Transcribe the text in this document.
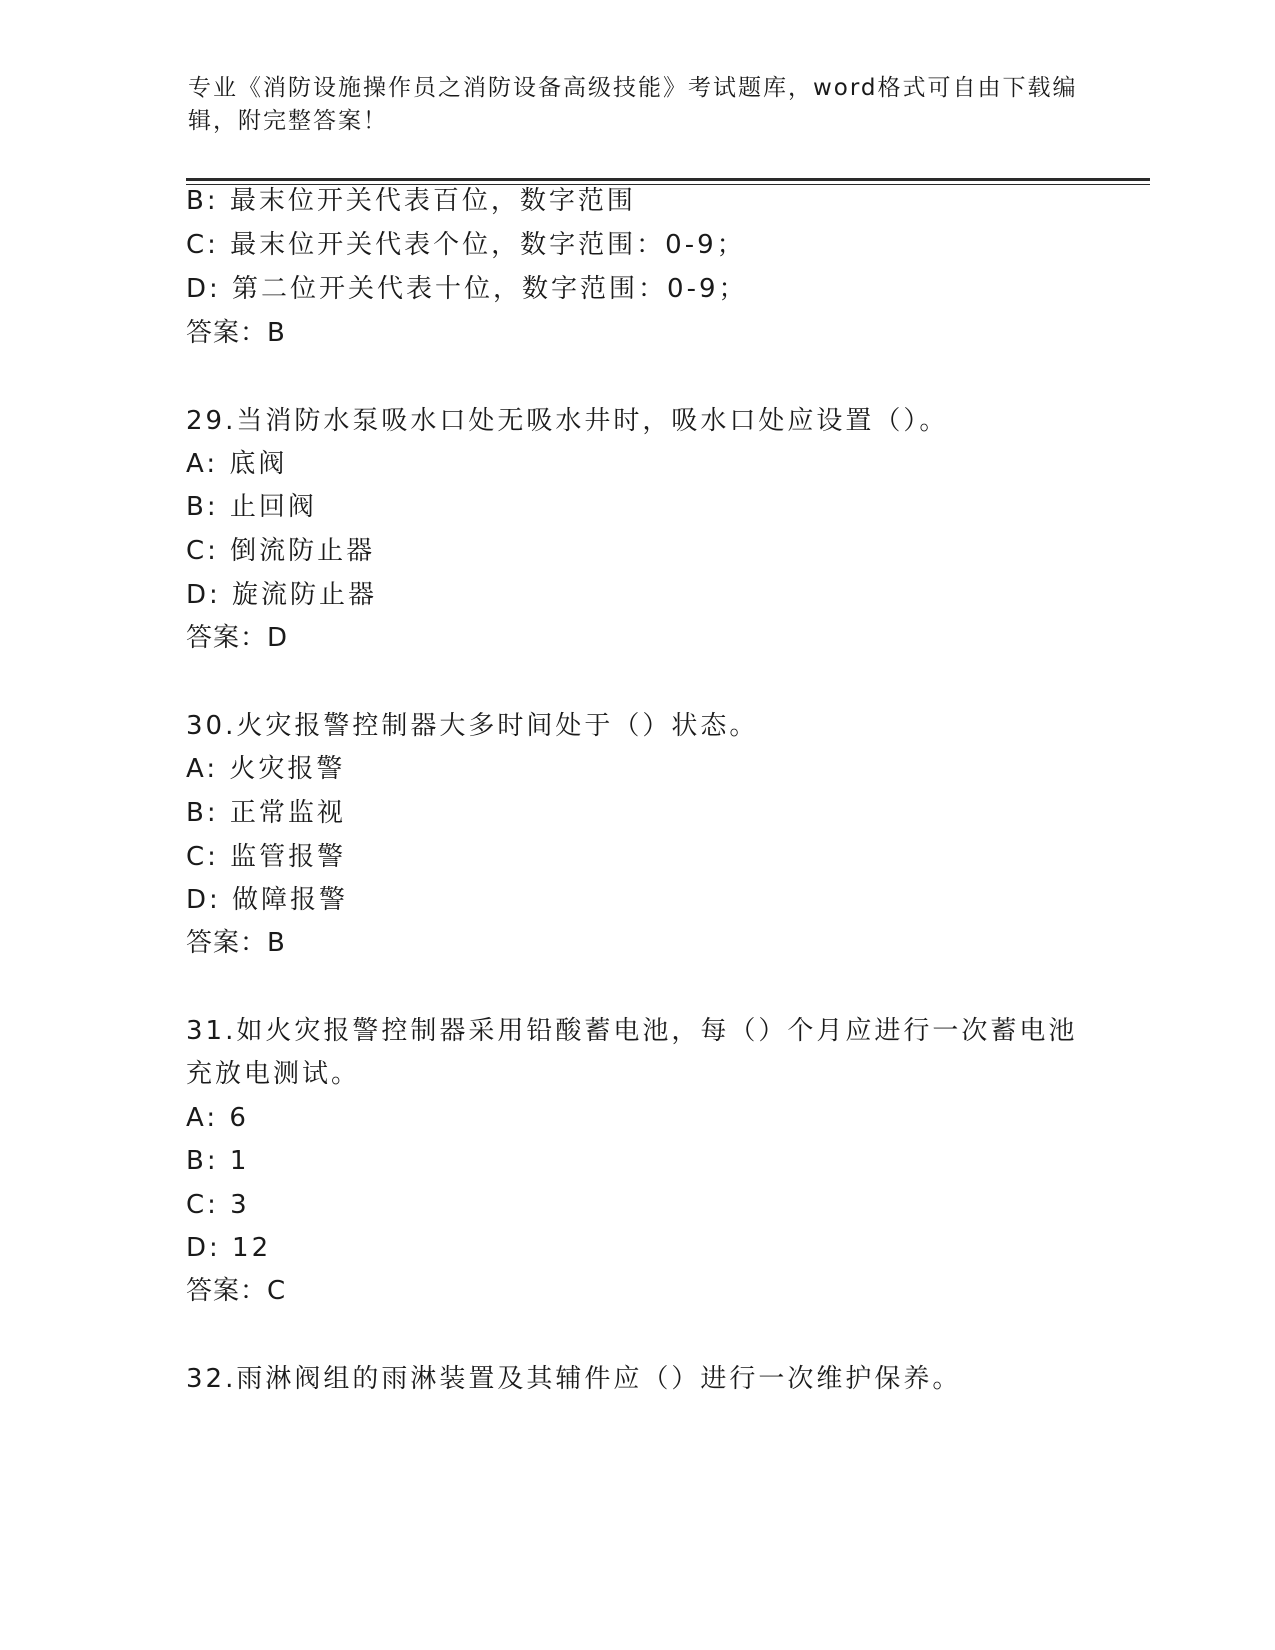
专业《消防设施操作员之消防设备高级技能》考试题库，word格式可自由下载编
辑，附完整答案！
B: 最末位开关代表百位，数字范围
C: 最末位开关代表个位，数字范围：0-9；
D: 第二位开关代表十位，数字范围：0-9；
答案：B
29.当消防水泵吸水口处无吸水井时，吸水口处应设置（）。
A: 底阀
B: 止回阀
C: 倒流防止器
D: 旋流防止器
答案：D
30.火灾报警控制器大多时间处于（）状态。
A: 火灾报警
B: 正常监视
C: 监管报警
D: 做障报警
答案：B
31.如火灾报警控制器采用铅酸蓄电池，每（）个月应进行一次蓄电池
充放电测试。
A: 6
B: 1
C: 3
D: 12
答案：C
32.雨淋阀组的雨淋装置及其辅件应（）进行一次维护保养。
